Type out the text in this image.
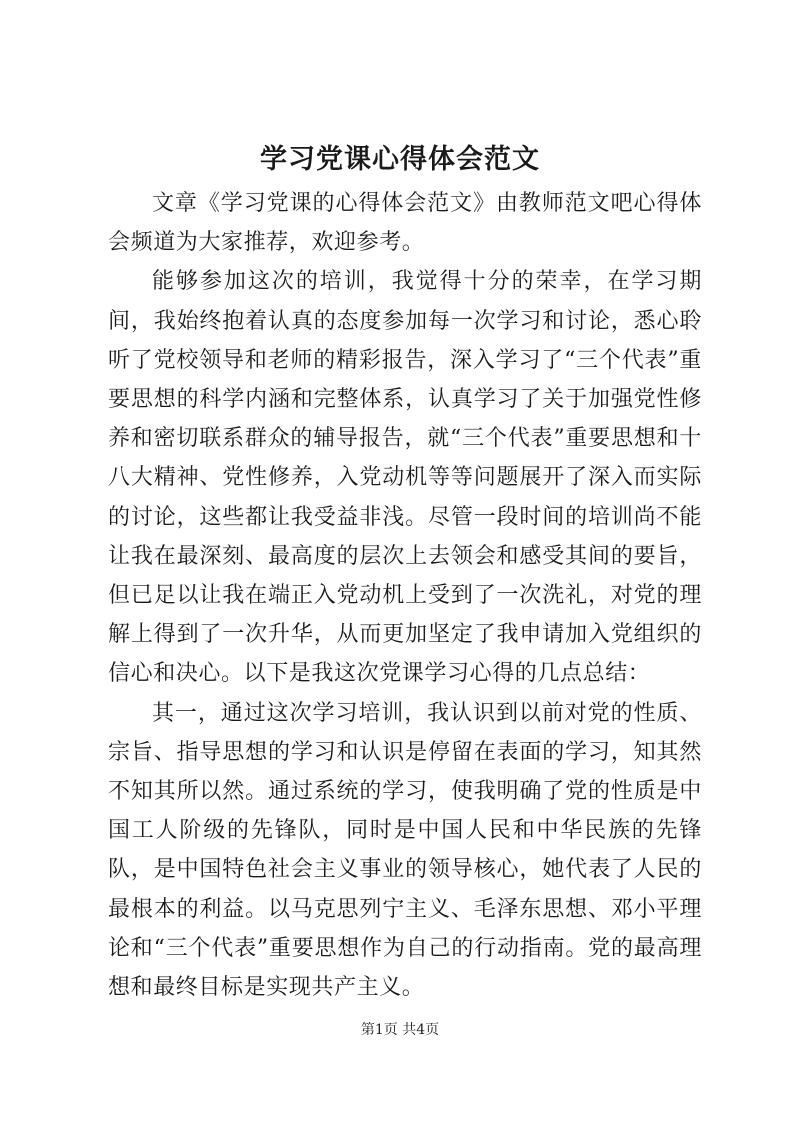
学习党课心得体会范文

文章《学习党课的心得体会范文》由教师范文吧心得体会频道为大家推荐，欢迎参考。

能够参加这次的培训，我觉得十分的荣幸，在学习期间，我始终抱着认真的态度参加每一次学习和讨论，悉心聆听了党校领导和老师的精彩报告，深入学习了“三个代表”重要思想的科学内涵和完整体系，认真学习了关于加强党性修养和密切联系群众的辅导报告，就“三个代表”重要思想和十八大精神、党性修养，入党动机等等问题展开了深入而实际的讨论，这些都让我受益非浅。尽管一段时间的培训尚不能让我在最深刻、最高度的层次上去领会和感受其间的要旨，但已足以让我在端正入党动机上受到了一次洗礼，对党的理解上得到了一次升华，从而更加坚定了我申请加入党组织的信心和决心。以下是我这次党课学习心得的几点总结：

其一，通过这次学习培训，我认识到以前对党的性质、宗旨、指导思想的学习和认识是停留在表面的学习，知其然不知其所以然。通过系统的学习，使我明确了党的性质是中国工人阶级的先锋队，同时是中国人民和中华民族的先锋队，是中国特色社会主义事业的领导核心，她代表了人民的最根本的利益。以马克思列宁主义、毛泽东思想、邓小平理论和“三个代表”重要思想作为自己的行动指南。党的最高理想和最终目标是实现共产主义。

第1页 共4页
